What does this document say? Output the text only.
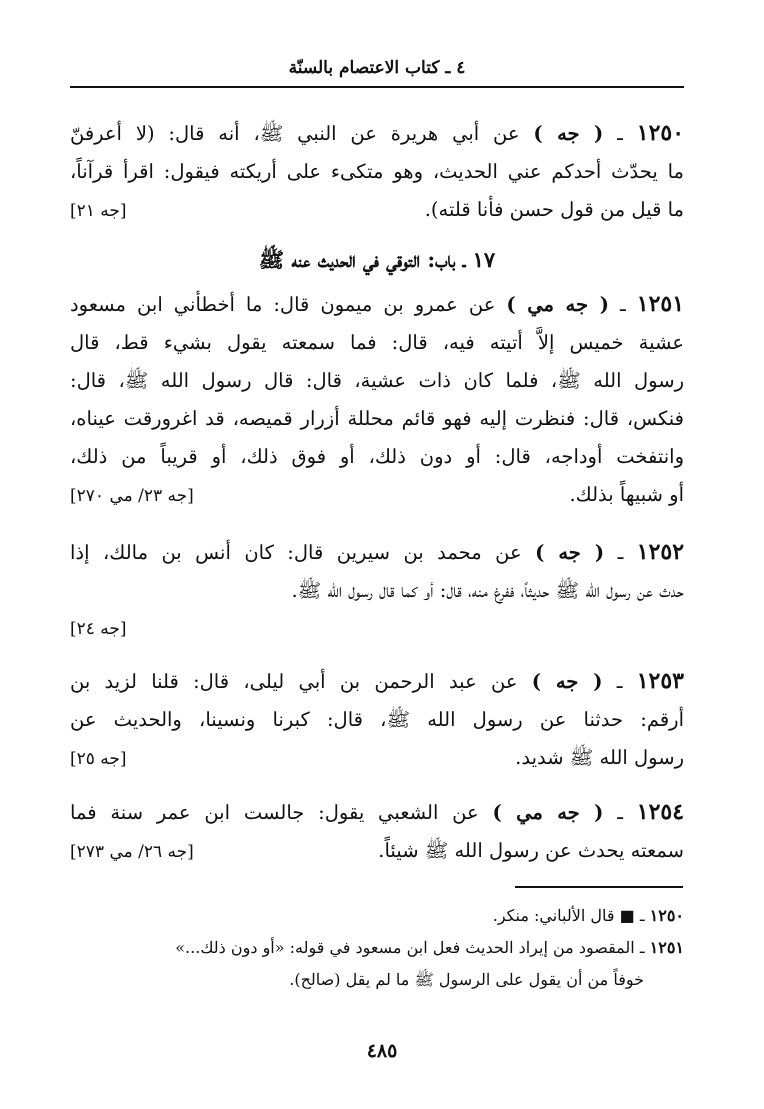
٤ ـ كتاب الاعتصام بالسنّة
١٢٥٠ ـ ( جه ) عن أبي هريرة عن النبي ﷺ، أنه قال: (لا أعرفنّ
ما يحدّث أحدكم عني الحديث، وهو متكىء على أريكته فيقول: اقرأ قرآناً،
ما قيل من قول حسن فأنا قلته).
[جه ٢١]
١٧ ـ باب: التوقي في الحديث عنه ﷺ
١٢٥١ ـ ( جه مي ) عن عمرو بن ميمون قال: ما أخطأني ابن مسعود
عشية خميس إلاَّ أتيته فيه، قال: فما سمعته يقول بشيء قط، قال
رسول الله ﷺ، فلما كان ذات عشية، قال: قال رسول الله ﷺ، قال:
فنكس، قال: فنظرت إليه فهو قائم محللة أزرار قميصه، قد اغرورقت عيناه،
وانتفخت أوداجه، قال: أو دون ذلك، أو فوق ذلك، أو قريباً من ذلك،
أو شبيهاً بذلك.
[جه ٢٣/ مي ٢٧٠]
١٢٥٢ ـ ( جه ) عن محمد بن سيرين قال: كان أنس بن مالك، إذا
حدث عن رسول الله ﷺ حديثاً، ففرغ منه، قال: أو كما قال رسول الله ﷺ.
[جه ٢٤]
١٢٥٣ ـ ( جه ) عن عبد الرحمن بن أبي ليلى، قال: قلنا لزيد بن
أرقم: حدثنا عن رسول الله ﷺ، قال: كبرنا ونسينا، والحديث عن
رسول الله ﷺ شديد.
[جه ٢٥]
١٢٥٤ ـ ( جه مي ) عن الشعبي يقول: جالست ابن عمر سنة فما
سمعته يحدث عن رسول الله ﷺ شيئاً.
[جه ٢٦/ مي ٢٧٣]
١٢٥٠ ـ ■ قال الألباني: منكر.
١٢٥١ ـ المقصود من إيراد الحديث فعل ابن مسعود في قوله: «أو دون ذلك...»
خوفاً من أن يقول على الرسول ﷺ ما لم يقل (صالح).
٤٨٥
